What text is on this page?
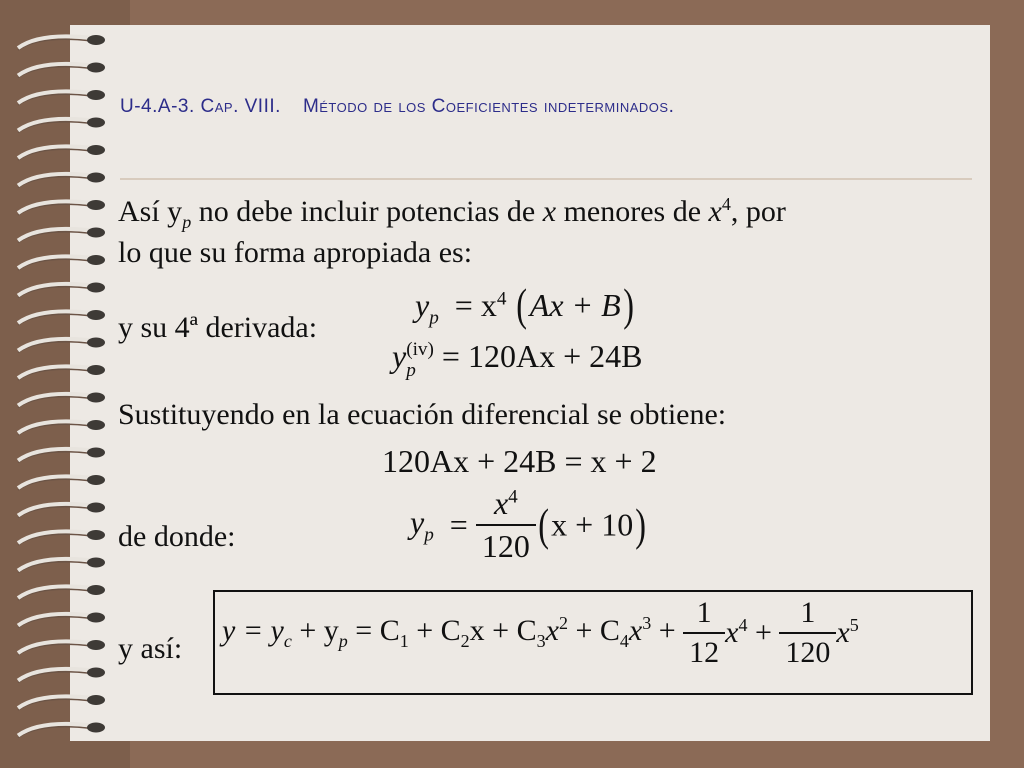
U-4.A-3. Cap. VIII. Método de los Coeficientes indeterminados.
Así $y_p$ no debe incluir potencias de x menores de $x^4$, por
lo que su forma apropiada es:
$y_p = x^4$ (Ax + B)
y su 4ª derivada:
y (iv)
p = 120Ax + 24B
Sustituyendo en la ecuación diferencial se obtiene:
120Ax + 24B = x + 2
de donde:	$y_p = \frac{x^4}{120} (x + 10)$
y así:
$y = y_c + y_p = C_1 + C_2x + C_3x^2 + C_4x^3 + \frac{1}{12} x^4 + \frac{1}{120} x^5$
